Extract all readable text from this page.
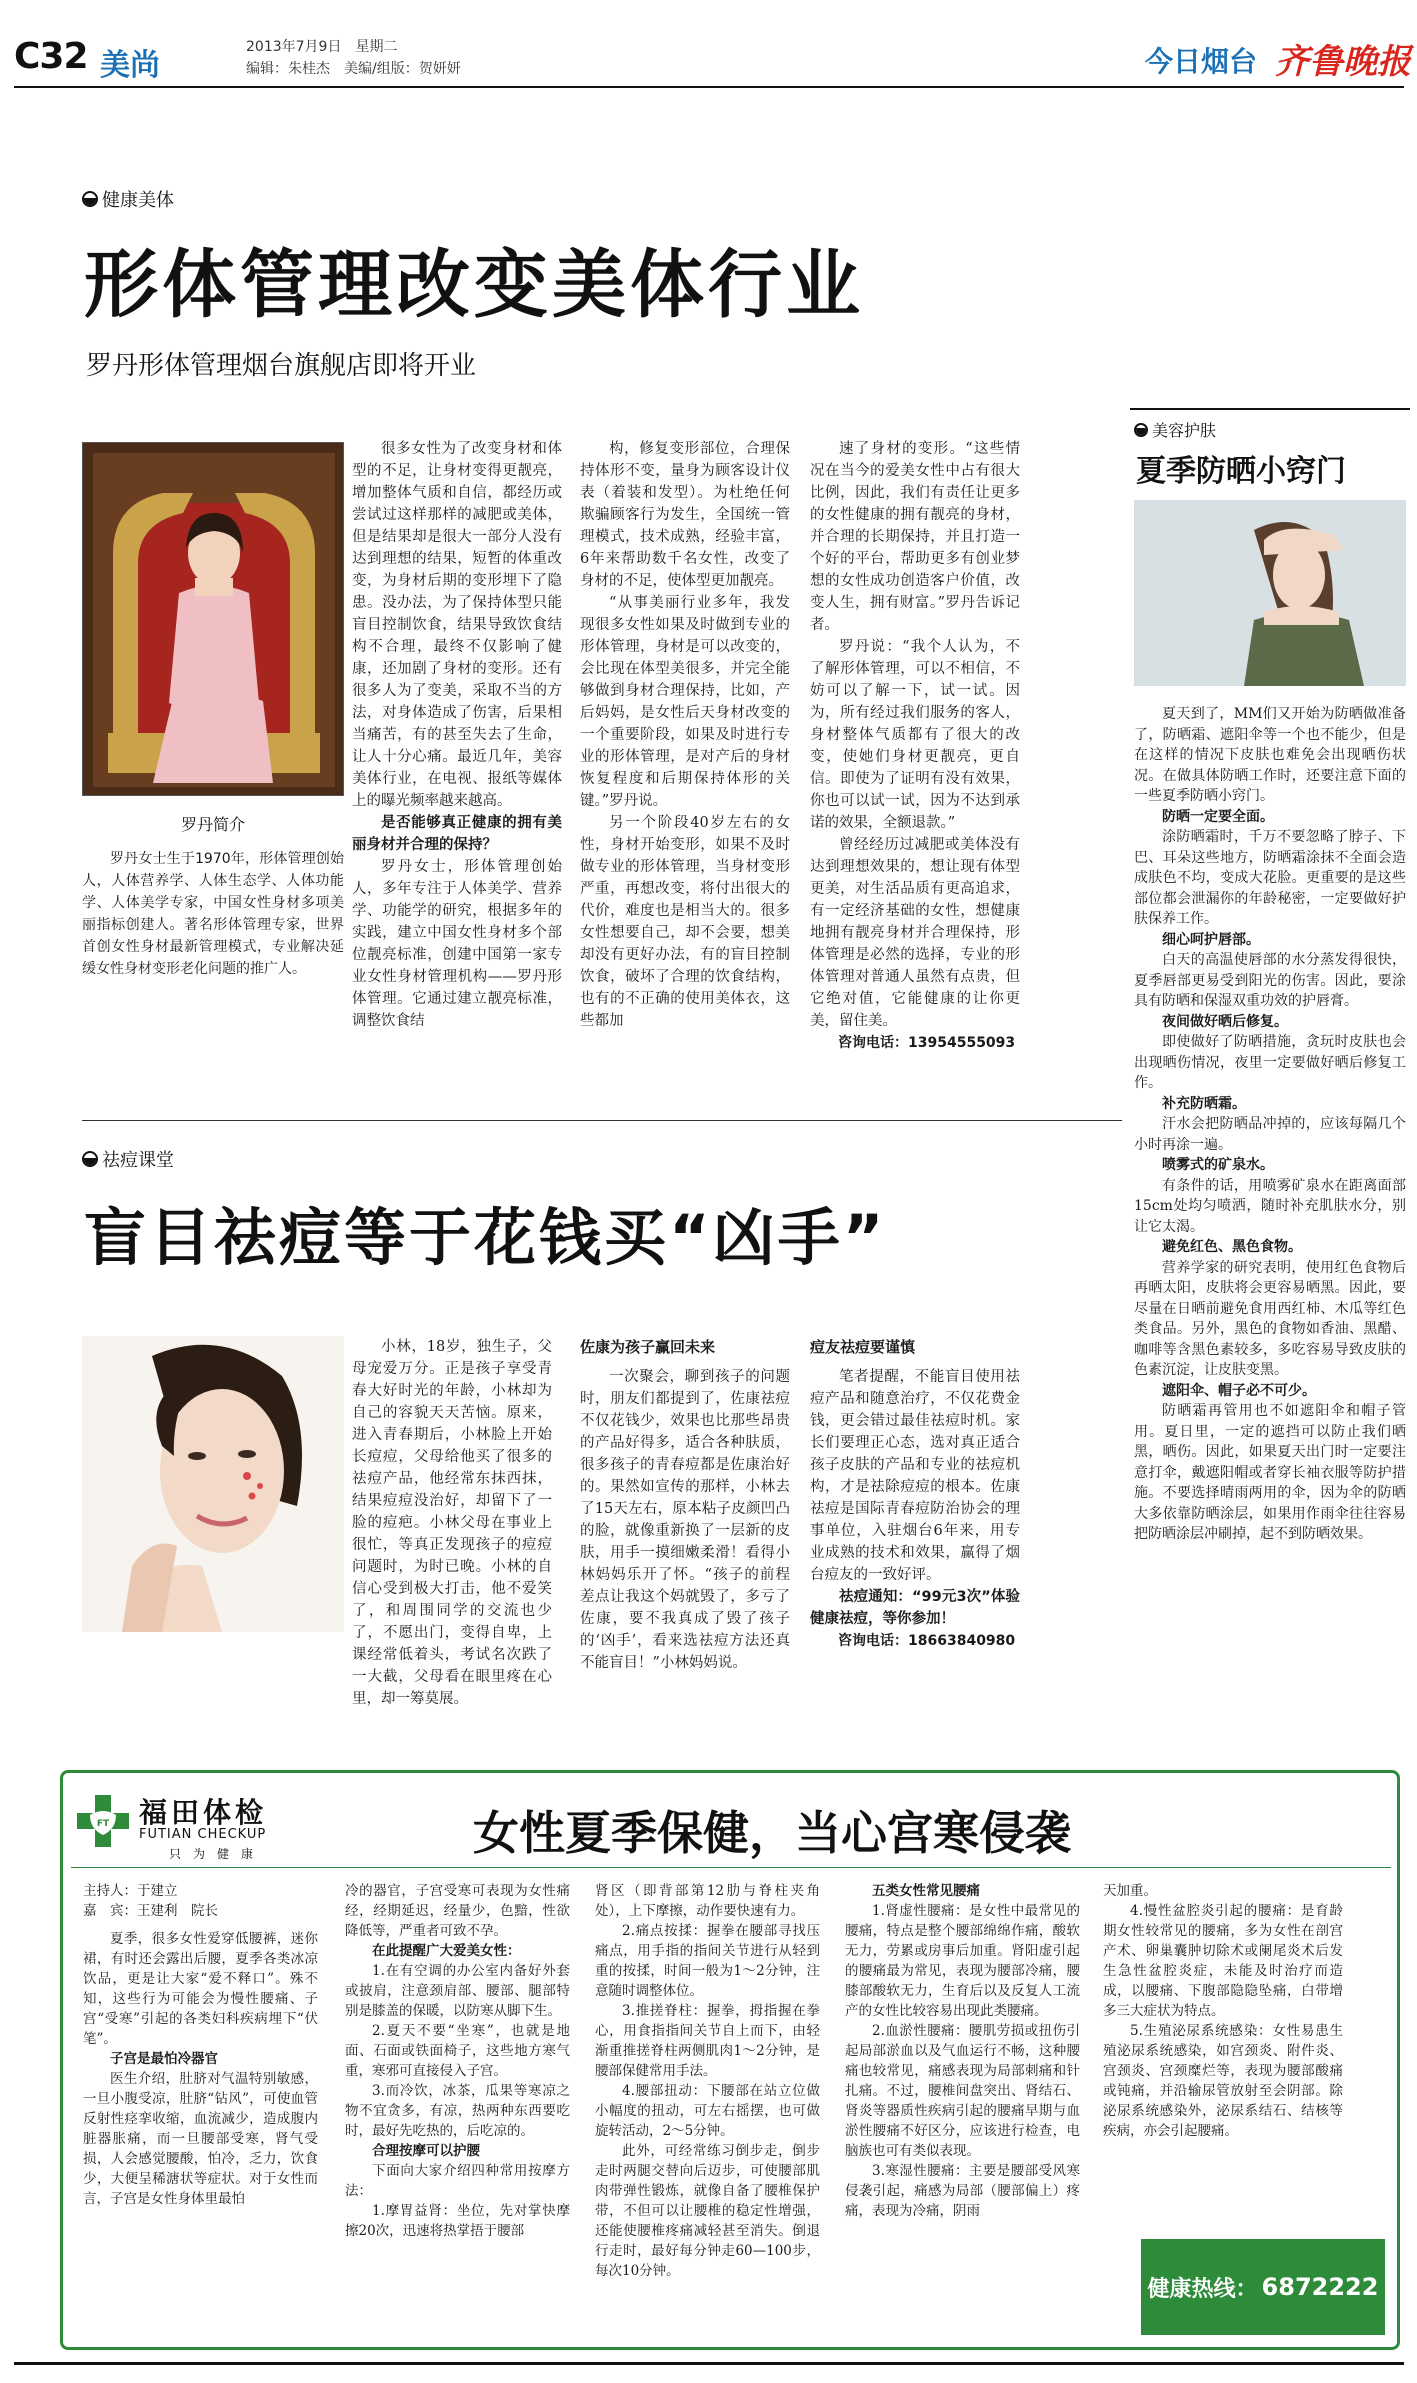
C32 美尚
2013年7月9日　星期二
编辑：朱桂杰　美编/组版：贺妍妍	今日烟台 齐鲁晚报
健康美体
形体管理改变美体行业
罗丹形体管理烟台旗舰店即将开业
罗丹简介

罗丹女士生于1970年，形体管理创始人，人体营养学、人体生态学、人体功能学、人体美学专家，中国女性身材多项美丽指标创建人。著名形体管理专家，世界首创女性身材最新管理模式，专业解决延缓女性身材变形老化问题的推广人。

很多女性为了改变身材和体型的不足，让身材变得更靓亮，增加整体气质和自信，都经历或尝试过这样那样的减肥或美体，但是结果却是很大一部分人没有达到理想的结果，短暂的体重改变，为身材后期的变形埋下了隐患。没办法，为了保持体型只能盲目控制饮食，结果导致饮食结构不合理，最终不仅影响了健康，还加剧了身材的变形。还有很多人为了变美，采取不当的方法，对身体造成了伤害，后果相当痛苦，有的甚至失去了生命，让人十分心痛。最近几年，美容美体行业，在电视、报纸等媒体上的曝光频率越来越高。

是否能够真正健康的拥有美丽身材并合理的保持？

罗丹女士，形体管理创始人，多年专注于人体美学、营养学、功能学的研究，根据多年的实践，建立中国女性身材多个部位靓亮标准，创建中国第一家专业女性身材管理机构——罗丹形体管理。它通过建立靓亮标准，调整饮食结

构，修复变形部位，合理保持体形不变，量身为顾客设计仪表（着装和发型）。为杜绝任何欺骗顾客行为发生，全国统一管理模式，技术成熟，经验丰富，6年来帮助数千名女性，改变了身材的不足，使体型更加靓亮。

“从事美丽行业多年，我发现很多女性如果及时做到专业的形体管理，身材是可以改变的，会比现在体型美很多，并完全能够做到身材合理保持，比如，产后妈妈，是女性后天身材改变的一个重要阶段，如果及时进行专业的形体管理，是对产后的身材恢复程度和后期保持体形的关键。”罗丹说。

另一个阶段40岁左右的女性，身材开始变形，如果不及时做专业的形体管理，当身材变形严重，再想改变，将付出很大的代价，难度也是相当大的。很多女性想要自己，却不会要，想美却没有更好办法，有的盲目控制饮食，破坏了合理的饮食结构，也有的不正确的使用美体衣，这些都加

速了身材的变形。“这些情况在当今的爱美女性中占有很大比例，因此，我们有责任让更多的女性健康的拥有靓亮的身材，并合理的长期保持，并且打造一个好的平台，帮助更多有创业梦想的女性成功创造客户价值，改变人生，拥有财富。”罗丹告诉记者。

罗丹说：“我个人认为，不了解形体管理，可以不相信，不妨可以了解一下，试一试。因为，所有经过我们服务的客人，身材整体气质都有了很大的改变，使她们身材更靓亮，更自信。即使为了证明有没有效果，你也可以试一试，因为不达到承诺的效果，全额退款。”

曾经经历过减肥或美体没有达到理想效果的，想让现有体型更美，对生活品质有更高追求，有一定经济基础的女性，想健康地拥有靓亮身材并合理保持，形体管理是必然的选择，专业的形体管理对普通人虽然有点贵，但它绝对值，它能健康的让你更美，留住美。

咨询电话：13954555093

祛痘课堂
盲目祛痘等于花钱买“凶手”

小林，18岁，独生子，父母宠爱万分。正是孩子享受青春大好时光的年龄，小林却为自己的容貌天天苦恼。原来，进入青春期后，小林脸上开始长痘痘，父母给他买了很多的祛痘产品，他经常东抹西抹，结果痘痘没治好，却留下了一脸的痘疤。小林父母在事业上很忙，等真正发现孩子的痘痘问题时，为时已晚。小林的自信心受到极大打击，他不爱笑了，和周围同学的交流也少了，不愿出门，变得自卑，上课经常低着头，考试名次跌了一大截，父母看在眼里疼在心里，却一筹莫展。

佐康为孩子赢回未来

一次聚会，聊到孩子的问题时，朋友们都提到了，佐康祛痘不仅花钱少，效果也比那些昂贵的产品好得多，适合各种肤质，很多孩子的青春痘都是佐康治好的。果然如宣传的那样，小林去了15天左右，原本粘子皮颜凹凸的脸，就像重新换了一层新的皮肤，用手一摸细嫩柔滑！看得小林妈妈乐开了怀。“孩子的前程差点让我这个妈就毁了，多亏了佐康，要不我真成了毁了孩子的‘凶手’，看来选祛痘方法还真不能盲目！”小林妈妈说。

痘友祛痘要谨慎

笔者提醒，不能盲目使用祛痘产品和随意治疗，不仅花费金钱，更会错过最佳祛痘时机。家长们要理正心态，选对真正适合孩子皮肤的产品和专业的祛痘机构，才是祛除痘痘的根本。佐康祛痘是国际青春痘防治协会的理事单位，入驻烟台6年来，用专业成熟的技术和效果，赢得了烟台痘友的一致好评。

祛痘通知：“99元3次”体验健康祛痘，等你参加！

咨询电话：18663840980

美容护肤
夏季防晒小窍门

夏天到了，MM们又开始为防晒做准备了，防晒霜、遮阳伞等一个也不能少，但是在这样的情况下皮肤也难免会出现晒伤状况。在做具体防晒工作时，还要注意下面的一些夏季防晒小窍门。

防晒一定要全面。

涂防晒霜时，千万不要忽略了脖子、下巴、耳朵这些地方，防晒霜涂抹不全面会造成肤色不均，变成大花脸。更重要的是这些部位都会泄漏你的年龄秘密，一定要做好护肤保养工作。

细心呵护唇部。

白天的高温使唇部的水分蒸发得很快，夏季唇部更易受到阳光的伤害。因此，要涂具有防晒和保湿双重功效的护唇膏。

夜间做好晒后修复。

即使做好了防晒措施，贪玩时皮肤也会出现晒伤情况，夜里一定要做好晒后修复工作。

补充防晒霜。

汗水会把防晒品冲掉的，应该每隔几个小时再涂一遍。

喷雾式的矿泉水。

有条件的话，用喷雾矿泉水在距离面部15cm处均匀喷洒，随时补充肌肤水分，别让它太渴。

避免红色、黑色食物。

营养学家的研究表明，使用红色食物后再晒太阳，皮肤将会更容易晒黑。因此，要尽量在日晒前避免食用西红柿、木瓜等红色类食品。另外，黑色的食物如香油、黑醋、咖啡等含黑色素较多，多吃容易导致皮肤的色素沉淀，让皮肤变黑。

遮阳伞、帽子必不可少。

防晒霜再管用也不如遮阳伞和帽子管用。夏日里，一定的遮挡可以防止我们晒黑，晒伤。因此，如果夏天出门时一定要注意打伞，戴遮阳帽或者穿长袖衣服等防护措施。不要选择晴雨两用的伞，因为伞的防晒大多依靠防晒涂层，如果用作雨伞往往容易把防晒涂层冲刷掉，起不到防晒效果。

FT 福田体检
FUTIAN CHECKUP
只　为　健　康	女性夏季保健，当心宫寒侵袭

主持人：于建立

嘉　宾：王建利　院长

夏季，很多女性爱穿低腰裤，迷你裙，有时还会露出后腰，夏季各类冰凉饮品，更是让大家“爱不释口”。殊不知，这些行为可能会为慢性腰痛、子宫“受寒”引起的各类妇科疾病埋下“伏笔”。

子宫是最怕冷器官

医生介绍，肚脐对气温特别敏感，一旦小腹受凉，肚脐“钻风”，可使血管反射性痉挛收缩，血流减少，造成腹内脏器胀痛，而一旦腰部受寒，肾气受损，人会感觉腰酸，怕冷，乏力，饮食少，大便呈稀溏状等症状。对于女性而言，子宫是女性身体里最怕

冷的器官，子宫受寒可表现为女性痛经，经期延迟，经量少，色黯，性欲降低等，严重者可致不孕。

在此提醒广大爱美女性：

1.在有空调的办公室内备好外套或披肩，注意颈肩部、腰部、腿部特别是膝盖的保暖，以防寒从脚下生。

2.夏天不要“坐寒”，也就是地面、石面或铁面椅子，这些地方寒气重，寒邪可直接侵入子宫。

3.而冷饮，冰茶，瓜果等寒凉之物不宜贪多，有凉，热两种东西要吃时，最好先吃热的，后吃凉的。

合理按摩可以护腰

下面向大家介绍四种常用按摩方法：

1.摩胃益肾：坐位，先对掌快摩擦20次，迅速将热掌捂于腰部

肾区（即背部第12肋与脊柱夹角处），上下摩擦，动作要快速有力。

2.痛点按揉：握拳在腰部寻找压痛点，用手指的指间关节进行从轻到重的按揉，时间一般为1～2分钟，注意随时调整体位。

3.推搓脊柱：握拳，拇指握在拳心，用食指指间关节自上而下，由轻渐重推搓脊柱两侧肌肉1～2分钟，是腰部保健常用手法。

4.腰部扭动：下腰部在站立位做小幅度的扭动，可左右摇摆，也可做旋转活动，2～5分钟。

此外，可经常练习倒步走，倒步走时两腿交替向后迈步，可使腰部肌肉带弹性锻炼，就像自备了腰椎保护带，不但可以让腰椎的稳定性增强，还能使腰椎疼痛减轻甚至消失。倒退行走时，最好每分钟走60—100步，每次10分钟。

五类女性常见腰痛

1.肾虚性腰痛：是女性中最常见的腰痛，特点是整个腰部绵绵作痛，酸软无力，劳累或房事后加重。肾阳虚引起的腰痛最为常见，表现为腰部冷痛，腰膝部酸软无力，生育后以及反复人工流产的女性比较容易出现此类腰痛。

2.血淤性腰痛：腰肌劳损或扭伤引起局部淤血以及气血运行不畅，这种腰痛也较常见，痛感表现为局部刺痛和针扎痛。不过，腰椎间盘突出、肾结石、肾炎等器质性疾病引起的腰痛早期与血淤性腰痛不好区分，应该进行检查，电脑族也可有类似表现。

3.寒湿性腰痛：主要是腰部受风寒侵袭引起，痛感为局部（腰部偏上）疼痛，表现为冷痛，阴雨

天加重。

4.慢性盆腔炎引起的腰痛：是育龄期女性较常见的腰痛，多为女性在剖宫产术、卵巢囊肿切除术或阑尾炎术后发生急性盆腔炎症，未能及时治疗而造成，以腰痛、下腹部隐隐坠痛，白带增多三大症状为特点。

5.生殖泌尿系统感染：女性易患生殖泌尿系统感染，如宫颈炎、附件炎、宫颈炎、宫颈糜烂等，表现为腰部酸痛或钝痛，并沿输尿管放射至会阴部。除泌尿系统感染外，泌尿系结石、结核等疾病，亦会引起腰痛。

健康热线： 6872222
